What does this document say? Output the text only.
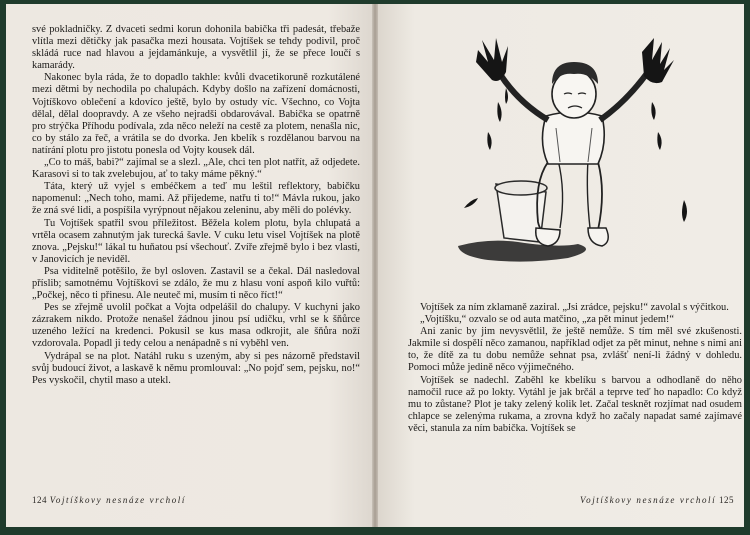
své pokladničky. Z dvaceti sedmi korun dohonila babička tři padesát, třebaže vlítla mezi dětičky jak pasačka mezi housata. Vojtíšek se tehdy podivil, proč skládá ruce nad hlavou a jejdamánkuje, a vysvětlil jí, že se přece loučí s kamarády.

Nakonec byla ráda, že to dopadlo takhle: kvůli dvacetikoruně rozkutálené mezi dětmi by nechodila po chalupách. Kdyby došlo na zařízení domácnosti, Vojtíškovo oblečení a kdovíco ještě, bylo by ostudy víc. Všechno, co Vojta dělal, dělal doopravdy. A ze všeho nejradši obdarovával. Babička se opatrně pro strýčka Příhodu podívala, zda něco neleží na cestě za plotem, nenašla nic, co by stálo za řeč, a vrátila se do dvorka. Jen kbelík s rozdělanou barvou na natírání plotu pro jistotu ponesla od Vojty kousek dál.

„Co to máš, babi?“ zajímal se a slezl. „Ale, chci ten plot natřít, až odjedete. Karasovi si to tak zvelebujou, ať to taky máme pěkný.“

Táta, který už vyjel s embéčkem a teď mu leštil reflektory, babičku napomenul: „Nech toho, mami. Až přijedeme, natřu ti to!“ Mávla rukou, jako že zná své lidi, a pospíšila vyrýpnout nějakou zeleninu, aby měli do polévky.

Tu Vojtíšek spatřil svou příležitost. Běžela kolem plotu, byla chlupatá a vrtěla ocasem zahnutým jak turecká šavle. V cuku letu visel Vojtíšek na plotě znova. „Pejsku!“ lákal tu huňatou psí všechouť. Zvíře zřejmě bylo i bez vlasti, v Janovicích je neviděl.

Psa viditelně potěšilo, že byl osloven. Zastavil se a čekal. Dál nasledoval příslib; samotnému Vojtíškovi se zdálo, že mu z hlasu voní aspoň kilo vuřtů: „Počkej, něco ti přinesu. Ale neuteč mi, musím ti něco říct!“

Pes se zřejmě uvolil počkat a Vojta odpelášil do chalupy. V kuchyni jako zázrakem nikdo. Protože nenašel žádnou jinou psí udičku, vrhl se k šňůrce uzeného ležící na kredenci. Pokusil se kus masa odkrojit, ale šňůra noží vzdorovala. Popadl ji tedy celou a nenápadně s ní vyběhl ven.

Vydrápal se na plot. Natáhl ruku s uzeným, aby si pes názorně představil svůj budoucí život, a laskavě k němu promlouval: „No pojď sem, pejsku, no!“ Pes vyskočil, chytil maso a utekl.

124 Vojtíškovy nesnáze vrcholí

Vojtíšek za ním zklamaně zaziral. „Jsi zrádce, pejsku!“ zavolal s výčitkou.

„Vojtíšku,“ ozvalo se od auta matčino, „za pět minut jedem!“

Ani zanic by jim nevysvětlil, že ještě nemůže. S tím měl své zkušenosti. Jakmile si dospělí něco zamanou, například odjet za pět minut, nehne s nimi ani to, že dítě za tu dobu nemůže sehnat psa, zvlášť není-li žádný v dohledu. Pomoci může jedině něco výjimečného.

Vojtíšek se nadechl. Zaběhl ke kbelíku s barvou a odhodlaně do něho namočil ruce až po lokty. Vytáhl je jak brčál a teprve teď ho napadlo: Co když mu to zůstane? Plot je taky zelený kolik let. Začal tesknět rozjímat nad osudem chlapce se zelenýma rukama, a zrovna když ho začaly napadat samé zajímavé věci, stanula za ním babička. Vojtíšek se

Vojtíškovy nesnáze vrcholí 125
